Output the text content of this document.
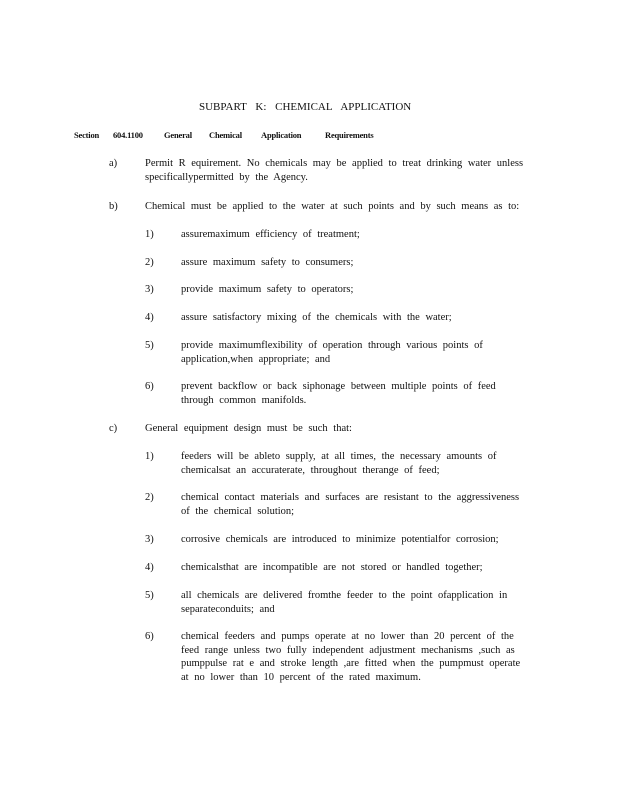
SUBPART K: CHEMICAL APPLICATION
Section 604.1100 General Chemical Application	Requirements
a)	Permit R equirement. No chemicals may be applied to treat drinking water unless
specificallypermitted by the Agency.
b)	Chemical must be applied to the water at such points and by such means as to:
1)	assuremaximum efficiency of treatment;
2)	assure maximum safety to consumers;
3)	provide maximum safety to operators;
4)	assure satisfactory mixing of the chemicals with the water;
5)	provide maximumflexibility of operation through various points of
application,when appropriate; and
6)	prevent backflow or back siphonage between multiple points of feed
through common manifolds.
c)	General equipment design must be such that:
1)	feeders will be ableto supply, at all times, the necessary amounts of
chemicalsat an accuraterate, throughout therange of feed;
2)	chemical contact materials and surfaces are resistant to the aggressiveness
of the chemical solution;
3)	corrosive chemicals are introduced to minimize potentialfor corrosion;
4)	chemicalsthat are incompatible are not stored or handled together;
5)	all chemicals are delivered fromthe feeder to the point ofapplication in
separateconduits; and
6)	chemical feeders and pumps operate at no lower than 20 percent of the
feed range unless two fully independent adjustment mechanisms ,such as
pumppulse rat e and stroke length ,are fitted when the pumpmust operate
at no lower than 10 percent of the rated maximum.
